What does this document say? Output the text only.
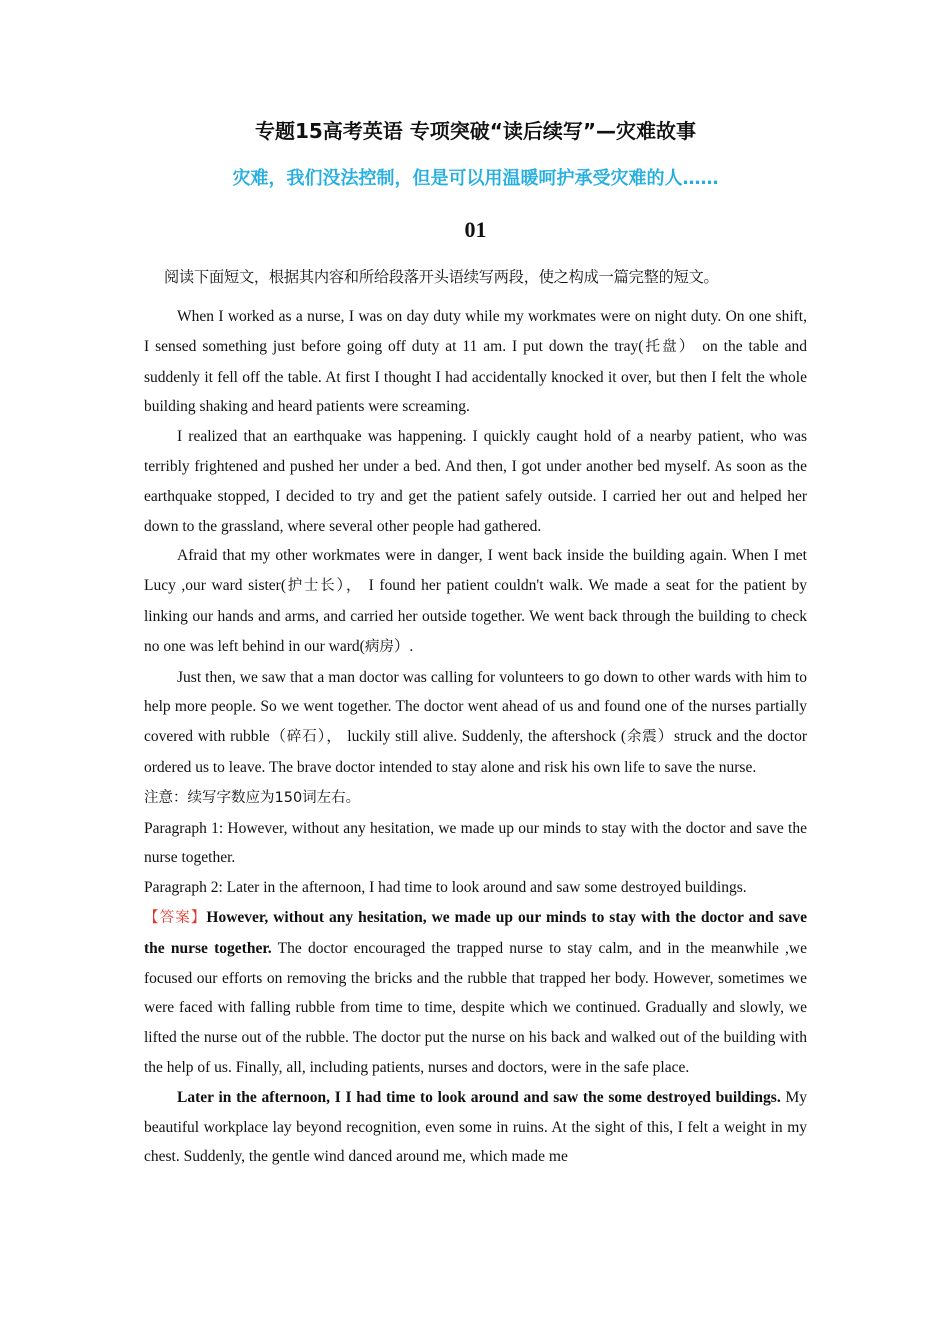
专题15高考英语 专项突破“读后续写”—灾难故事
灾难，我们没法控制，但是可以用温暖呵护承受灾难的人……
01
阅读下面短文，根据其内容和所给段落开头语续写两段，使之构成一篇完整的短文。

When I worked as a nurse, I was on day duty while my workmates were on night duty. On one shift, I sensed something just before going off duty at 11 am. I put down the tray(托盘） on the table and suddenly it fell off the table. At first I thought I had accidentally knocked it over, but then I felt the whole building shaking and heard patients were screaming.

I realized that an earthquake was happening. I quickly caught hold of a nearby patient, who was terribly frightened and pushed her under a bed. And then, I got under another bed myself. As soon as the earthquake stopped, I decided to try and get the patient safely outside. I carried her out and helped her down to the grassland, where several other people had gathered.

Afraid that my other workmates were in danger, I went back inside the building again. When I met Lucy ,our ward sister(护士长）， I found her patient couldn't walk. We made a seat for the patient by linking our hands and arms, and carried her outside together. We went back through the building to check no one was left behind in our ward(病房）.

Just then, we saw that a man doctor was calling for volunteers to go down to other wards with him to help more people. So we went together. The doctor went ahead of us and found one of the nurses partially covered with rubble（碎石）， luckily still alive. Suddenly, the aftershock (余震）struck and the doctor ordered us to leave. The brave doctor intended to stay alone and risk his own life to save the nurse.

注意：续写字数应为150词左右。

Paragraph 1: However, without any hesitation, we made up our minds to stay with the doctor and save the nurse together.

Paragraph 2: Later in the afternoon, I had time to look around and saw some destroyed buildings.

【答案】However, without any hesitation, we made up our minds to stay with the doctor and save the nurse together. The doctor encouraged the trapped nurse to stay calm, and in the meanwhile ,we focused our efforts on removing the bricks and the rubble that trapped her body. However, sometimes we were faced with falling rubble from time to time, despite which we continued. Gradually and slowly, we lifted the nurse out of the rubble. The doctor put the nurse on his back and walked out of the building with the help of us. Finally, all, including patients, nurses and doctors, were in the safe place.

Later in the afternoon, I I had time to look around and saw the some destroyed buildings. My beautiful workplace lay beyond recognition, even some in ruins. At the sight of this, I felt a weight in my chest. Suddenly, the gentle wind danced around me, which made me
